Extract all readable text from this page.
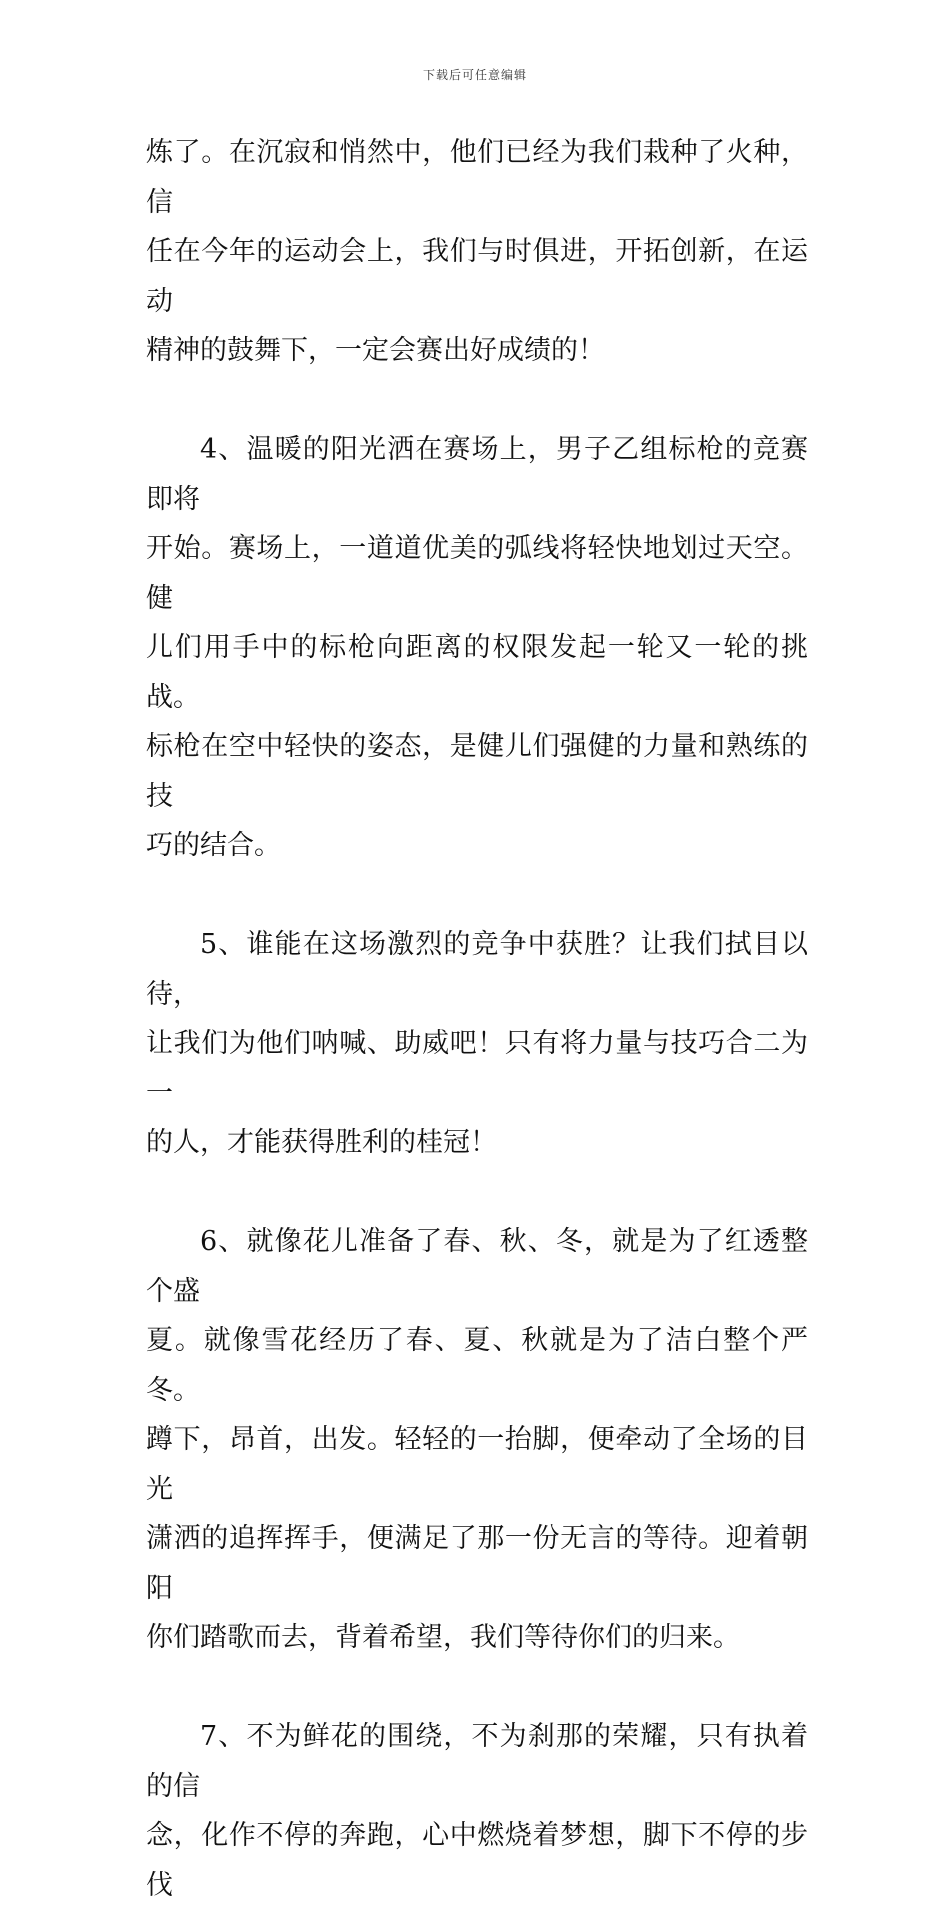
下载后可任意编辑
炼了。在沉寂和悄然中，他们已经为我们栽种了火种，信
任在今年的运动会上，我们与时俱进，开拓创新，在运动
精神的鼓舞下，一定会赛出好成绩的！
4、温暖的阳光洒在赛场上，男子乙组标枪的竞赛即将
开始。赛场上，一道道优美的弧线将轻快地划过天空。健
儿们用手中的标枪向距离的权限发起一轮又一轮的挑战。
标枪在空中轻快的姿态，是健儿们强健的力量和熟练的技
巧的结合。
5、谁能在这场激烈的竞争中获胜？让我们拭目以待，
让我们为他们呐喊、助威吧！只有将力量与技巧合二为一
的人，才能获得胜利的桂冠！
6、就像花儿准备了春、秋、冬，就是为了红透整个盛
夏。就像雪花经历了春、夏、秋就是为了洁白整个严冬。
蹲下，昂首，出发。轻轻的一抬脚，便牵动了全场的目光
潇洒的追挥挥手，便满足了那一份无言的等待。迎着朝阳
你们踏歌而去，背着希望，我们等待你们的归来。
7、不为鲜花的围绕，不为刹那的荣耀，只有执着的信
念，化作不停的奔跑，心中燃烧着梦想，脚下不停的步伐
